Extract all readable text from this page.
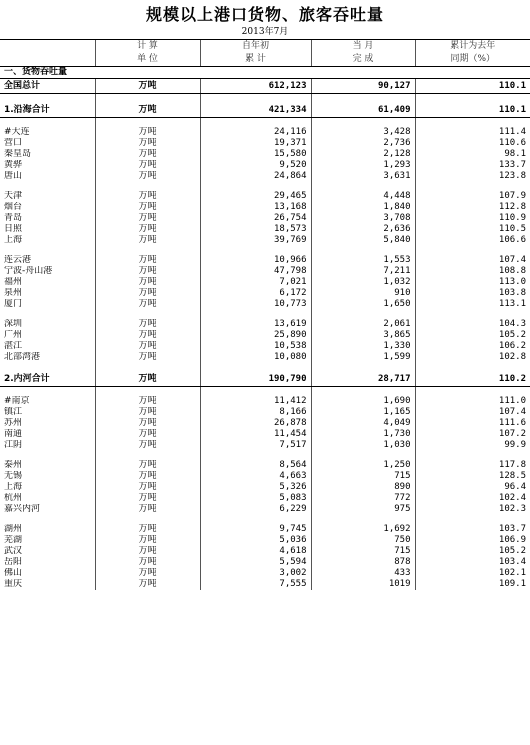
规模以上港口货物、旅客吞吐量
2013年7月
	计 算	自年初	当 月	累计为去年
	单 位	累 计	完 成	同期（%）
一、货物吞吐量				
全国总计	万吨	612,123	90,127	110.1

1.沿海合计	万吨	421,334	61,409	110.1

#大连	万吨	24,116	3,428	111.4
营口	万吨	19,371	2,736	110.6
秦皇岛	万吨	15,580	2,128	98.1
黄骅	万吨	9,520	1,293	133.7
唐山	万吨	24,864	3,631	123.8

天津	万吨	29,465	4,448	107.9
烟台	万吨	13,168	1,840	112.8
青岛	万吨	26,754	3,708	110.9
日照	万吨	18,573	2,636	110.5
上海	万吨	39,769	5,840	106.6

连云港	万吨	10,966	1,553	107.4
宁波-舟山港	万吨	47,798	7,211	108.8
福州	万吨	7,021	1,032	113.0
泉州	万吨	6,172	910	103.8
厦门	万吨	10,773	1,650	113.1

深圳	万吨	13,619	2,061	104.3
广州	万吨	25,890	3,865	105.2
湛江	万吨	10,538	1,330	106.2
北部湾港	万吨	10,080	1,599	102.8

2.内河合计	万吨	190,790	28,717	110.2

#南京	万吨	11,412	1,690	111.0
镇江	万吨	8,166	1,165	107.4
苏州	万吨	26,878	4,049	111.6
南通	万吨	11,454	1,730	107.2
江阴	万吨	7,517	1,030	99.9

泰州	万吨	8,564	1,250	117.8
无锡	万吨	4,663	715	128.5
上海	万吨	5,326	890	96.4
杭州	万吨	5,083	772	102.4
嘉兴内河	万吨	6,229	975	102.3

湖州	万吨	9,745	1,692	103.7
芜湖	万吨	5,036	750	106.9
武汉	万吨	4,618	715	105.2
岳阳	万吨	5,594	878	103.4
佛山	万吨	3,002	433	102.1
重庆	万吨	7,555	1019	109.1
